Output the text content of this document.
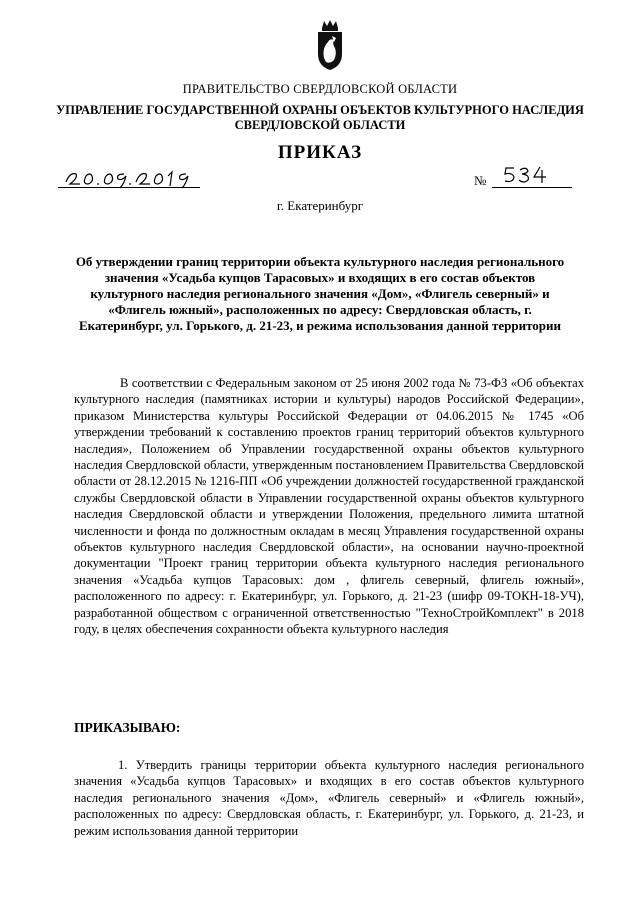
ПРАВИТЕЛЬСТВО СВЕРДЛОВСКОЙ ОБЛАСТИ
УПРАВЛЕНИЕ ГОСУДАРСТВЕННОЙ ОХРАНЫ ОБЪЕКТОВ КУЛЬТУРНОГО НАСЛЕДИЯ СВЕРДЛОВСКОЙ ОБЛАСТИ
ПРИКАЗ
№
г. Екатеринбург
Об утверждении границ территории объекта культурного наследия регионального значения «Усадьба купцов Тарасовых» и входящих в его состав объектов культурного наследия регионального значения «Дом», «Флигель северный» и «Флигель южный», расположенных по адресу: Свердловская область, г. Екатеринбург, ул. Горького, д. 21-23, и режима использования данной территории

В соответствии с Федеральным законом от 25 июня 2002 года № 73-ФЗ «Об объектах культурного наследия (памятниках истории и культуры) народов Российской Федерации», приказом Министерства культуры Российской Федерации от 04.06.2015 № 1745 «Об утверждении требований к составлению проектов границ территорий объектов культурного наследия», Положением об Управлении государственной охраны объектов культурного наследия Свердловской области, утвержденным постановлением Правительства Свердловской области от 28.12.2015 № 1216-ПП «Об учреждении должностей государственной гражданской службы Свердловской области в Управлении государственной охраны объектов культурного наследия Свердловской области и утверждении Положения, предельного лимита штатной численности и фонда по должностным окладам в месяц Управления государственной охраны объектов культурного наследия Свердловской области», на основании научно-проектной документации "Проект границ территории объекта культурного наследия регионального значения «Усадьба купцов Тарасовых: дом , флигель северный, флигель южный», расположенного по адресу: г. Екатеринбург, ул. Горького, д. 21-23 (шифр 09-ТОКН-18-УЧ), разработанной обществом с ограниченной ответственностью "ТехноСтройКомплект" в 2018 году, в целях обеспечения сохранности объекта культурного наследия

ПРИКАЗЫВАЮ:

1. Утвердить границы территории объекта культурного наследия регионального значения «Усадьба купцов Тарасовых» и входящих в его состав объектов культурного наследия регионального значения «Дом», «Флигель северный» и «Флигель южный», расположенных по адресу: Свердловская область, г. Екатеринбург, ул. Горького, д. 21-23, и режим использования данной территории
